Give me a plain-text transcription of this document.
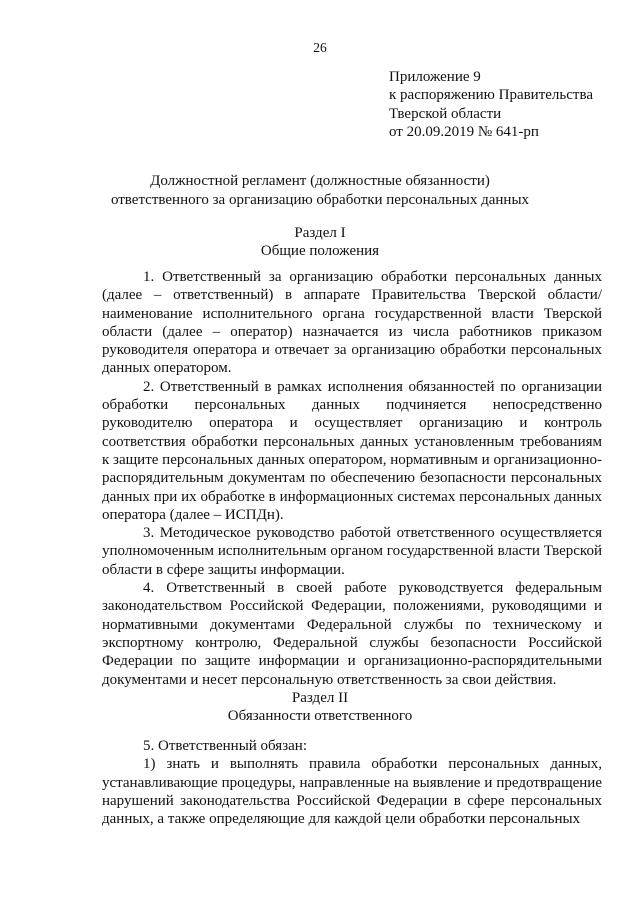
26
Приложение 9
к распоряжению Правительства
Тверской области
от 20.09.2019 № 641-рп
Должностной регламент (должностные обязанности)
ответственного за организацию обработки персональных данных
Раздел I
Общие положения

1. Ответственный за организацию обработки персональных данных (далее – ответственный) в аппарате Правительства Тверской области/наименование исполнительного органа государственной власти Тверской области (далее – оператор) назначается из числа работников приказом руководителя оператора и отвечает за организацию обработки персональных данных оператором.

2. Ответственный в рамках исполнения обязанностей по организации обработки персональных данных подчиняется непосредственно руководителю оператора и осуществляет организацию и контроль соответствия обработки персональных данных установленным требованиям к защите персональных данных оператором, нормативным и организационно-распорядительным документам по обеспечению безопасности персональных данных при их обработке в информационных системах персональных данных оператора (далее – ИСПДн).

3. Методическое руководство работой ответственного осуществляется уполномоченным исполнительным органом государственной власти Тверской области в сфере защиты информации.

4. Ответственный в своей работе руководствуется федеральным законодательством Российской Федерации, положениями, руководящими и нормативными документами Федеральной службы по техническому и экспортному контролю, Федеральной службы безопасности Российской Федерации по защите информации и организационно-распорядительными документами и несет персональную ответственность за свои действия.

Раздел II
Обязанности ответственного

5. Ответственный обязан:

1) знать и выполнять правила обработки персональных данных, устанавливающие процедуры, направленные на выявление и предотвращение нарушений законодательства Российской Федерации в сфере персональных данных, а также определяющие для каждой цели обработки персональных
